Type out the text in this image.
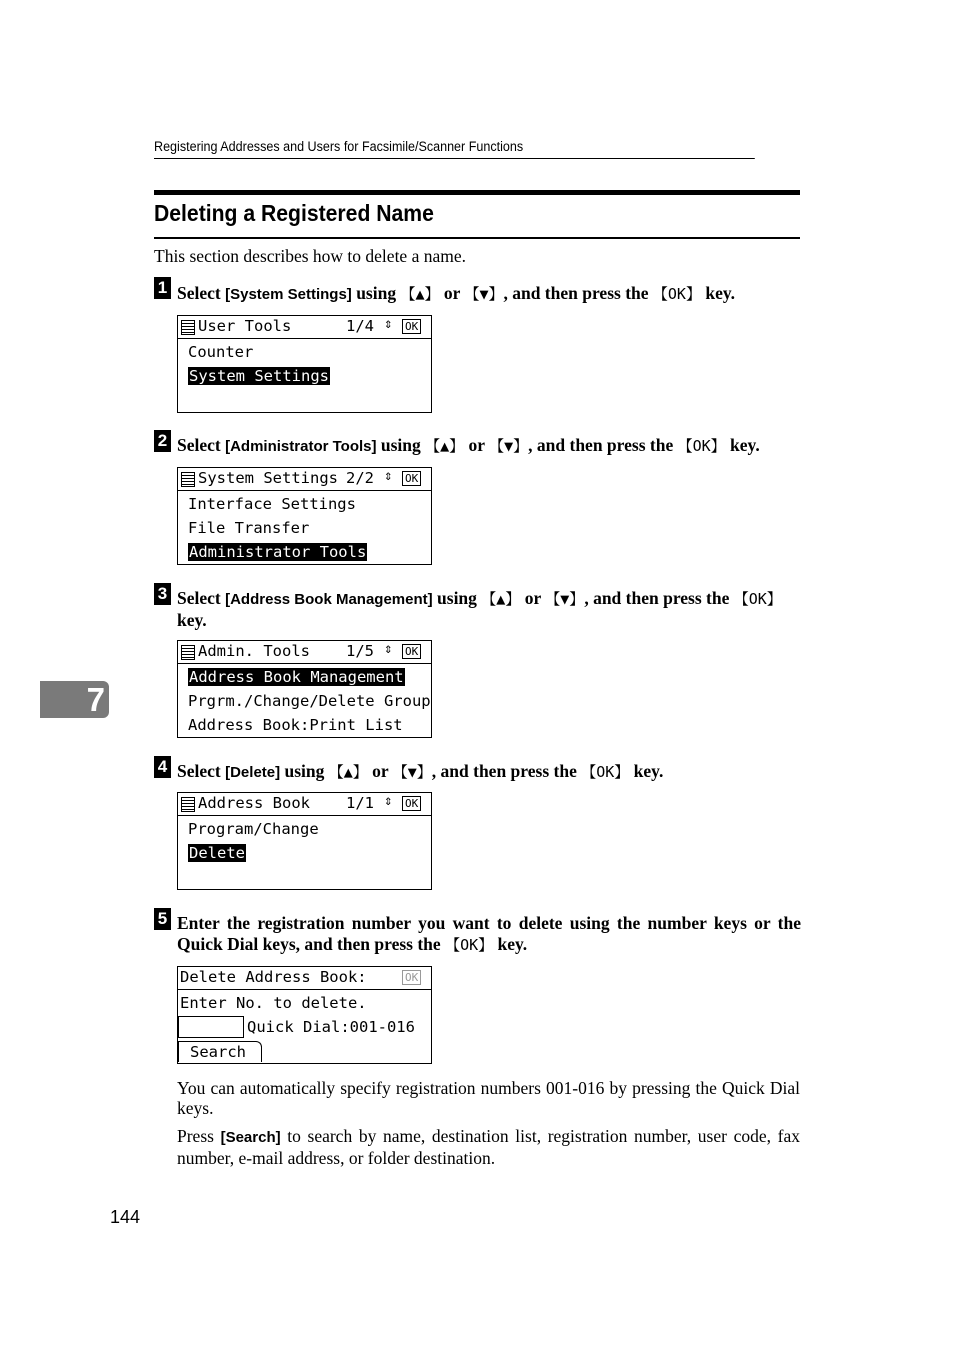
Registering Addresses and Users for Facsimile/Scanner Functions
Deleting a Registered Name
This section describes how to delete a name.
1 Select [System Settings] using 【▲】 or 【▼】, and then press the 【OK】 key.
User Tools	1/4 ⇕ OK
Counter
System Settings
2 Select [Administrator Tools] using 【▲】 or 【▼】, and then press the 【OK】 key.
System Settings 2/2 ⇕ OK
Interface Settings
File Transfer
Administrator Tools
3 Select [Address Book Management] using 【▲】 or 【▼】, and then press the 【OK】 key.
Admin. Tools 1/5 ⇕ OK
Address Book Management
Prgrm./Change/Delete Group
Address Book:Print List
7
4 Select [Delete] using 【▲】 or 【▼】, and then press the 【OK】 key.
Address Book 1/1 ⇕ OK
Program/Change
Delete
5 Enter the registration number you want to delete using the number keys or the Quick Dial keys, and then press the 【OK】 key.
Delete Address Book:	OK
Enter No. to delete.
Quick Dial:001-016
Search
You can automatically specify registration numbers 001-016 by pressing the Quick Dial keys.
Press [Search] to search by name, destination list, registration number, user code, fax number, e-mail address, or folder destination.
144
